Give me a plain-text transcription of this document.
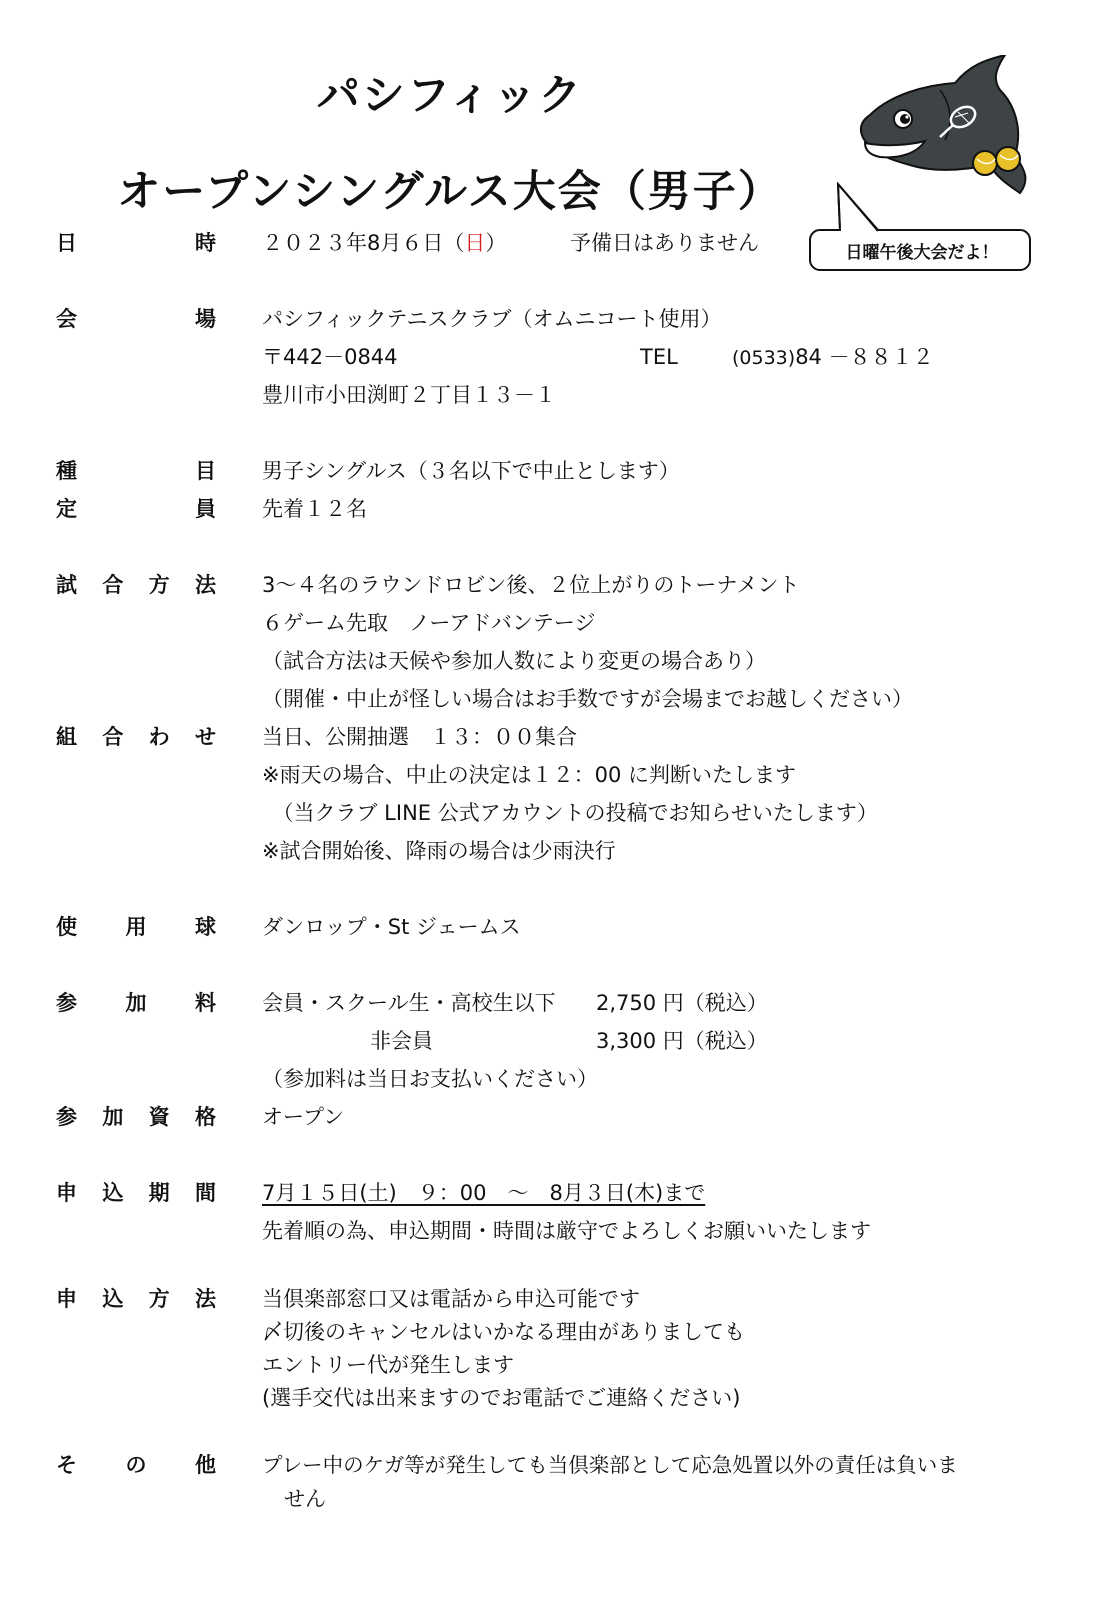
パシフィック
オープンシングルス大会（男子）
日曜午後大会だよ！
日	時 ２０２３年8月６日（日）	予備日はありません
会	場 パシフィックテニスクラブ（オムニコート使用）
〒442－0844	TEL	(0533)84 －８８１２
豊川市小田渕町２丁目１３－１
種	目 男子シングルス（３名以下で中止とします）
定	員 先着１２名
試 合 方 法 3～４名のラウンドロビン後、２位上がりのトーナメント
６ゲーム先取　ノーアドバンテージ
（試合方法は天候や参加人数により変更の場合あり）
（開催・中止が怪しい場合はお手数ですが会場までお越しください）
組 合 わ せ 当日、公開抽選　１３：００集合
※雨天の場合、中止の決定は１２：00 に判断いたします
　（当クラブ LINE 公式アカウントの投稿でお知らせいたします）
※試合開始後、降雨の場合は少雨決行
使 用 球 ダンロップ・St ジェームス
参 加 料 会員・スクール生・高校生以下 2,750 円（税込）
非会員	3,300 円（税込）
（参加料は当日お支払いください）
参 加 資 格 オープン
申 込 期 間 7月１５日(土)　９：00　～　8月３日(木)まで
先着順の為、申込期間・時間は厳守でよろしくお願いいたします
申 込 方 法 当倶楽部窓口又は電話から申込可能です
〆切後のキャンセルはいかなる理由がありましても
エントリー代が発生します
(選手交代は出来ますのでお電話でご連絡ください)
そ の 他 プレー中のケガ等が発生しても当倶楽部として応急処置以外の責任は負いま
せん
